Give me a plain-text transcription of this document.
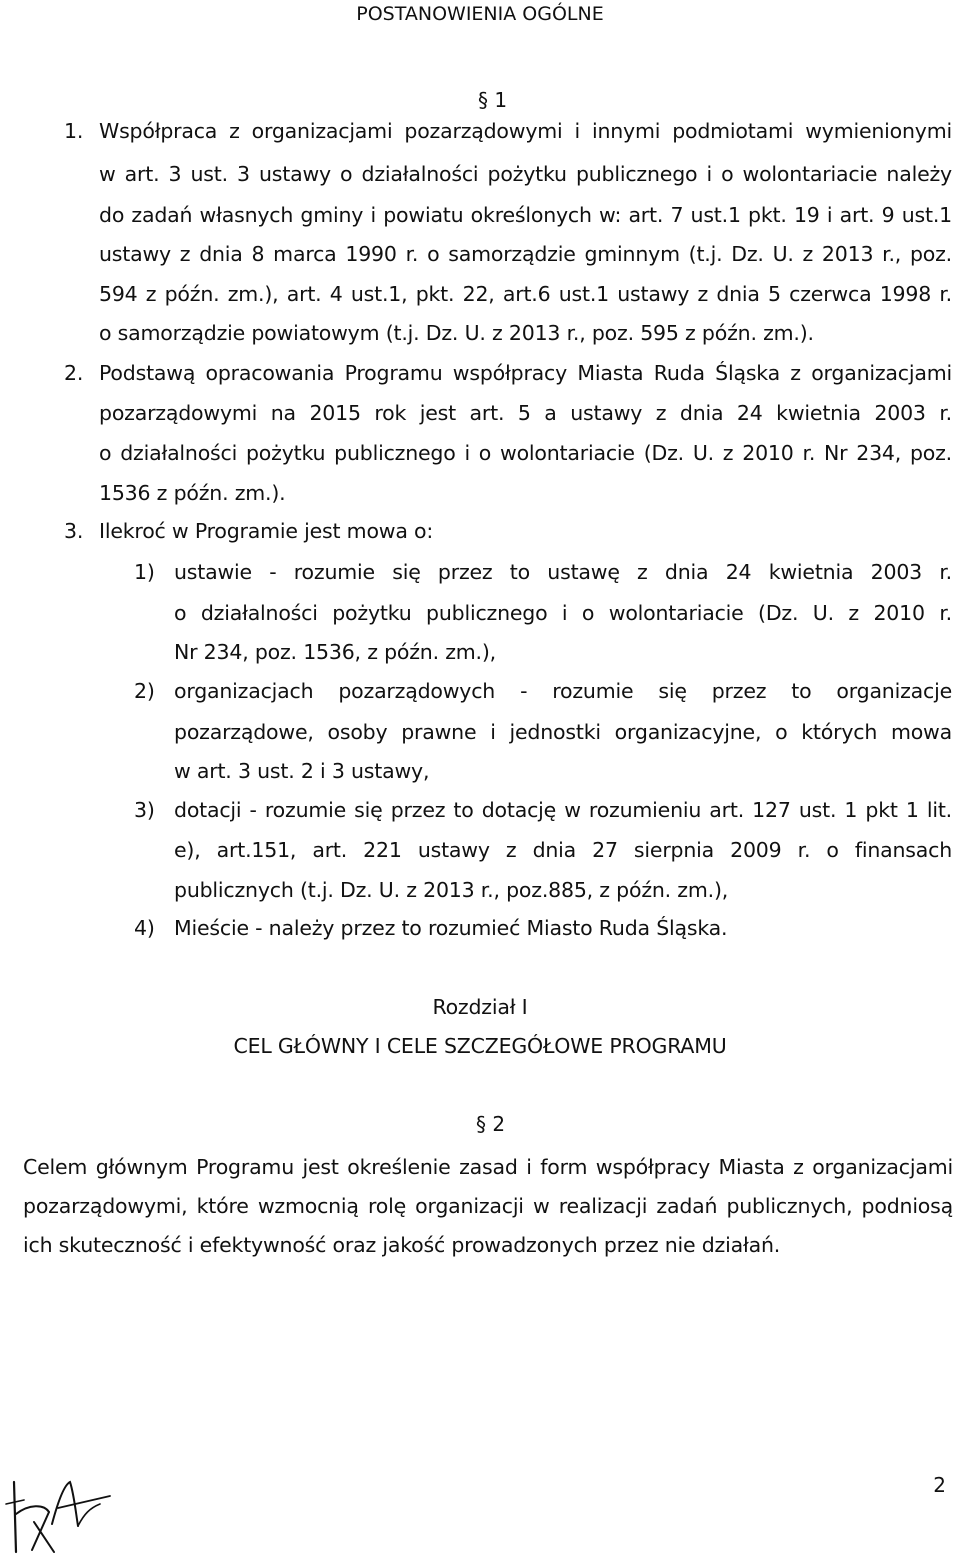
POSTANOWIENIA OGÓLNE
§ 1
1. Współpraca z organizacjami pozarządowymi i innymi podmiotami wymienionymi
w art. 3 ust. 3 ustawy o działalności pożytku publicznego i o wolontariacie należy
do zadań własnych gminy i powiatu określonych w: art. 7 ust.1 pkt. 19 i art. 9 ust.1
ustawy z dnia 8 marca 1990 r. o samorządzie gminnym (t.j. Dz. U. z 2013 r., poz.
594 z późn. zm.), art. 4 ust.1, pkt. 22, art.6 ust.1 ustawy z dnia 5 czerwca 1998 r.
o samorządzie powiatowym (t.j. Dz. U. z 2013 r., poz. 595 z późn. zm.).
2. Podstawą opracowania Programu współpracy Miasta Ruda Śląska z organizacjami
pozarządowymi na 2015 rok jest art. 5 a ustawy z dnia 24 kwietnia 2003 r.
o działalności pożytku publicznego i o wolontariacie (Dz. U. z 2010 r. Nr 234, poz.
1536 z późn. zm.).
3. Ilekroć w Programie jest mowa o:
1) ustawie - rozumie się przez to ustawę z dnia 24 kwietnia 2003 r.
o działalności pożytku publicznego i o wolontariacie (Dz. U. z 2010 r.
Nr 234, poz. 1536, z późn. zm.),
2) organizacjach pozarządowych - rozumie się przez to organizacje
pozarządowe, osoby prawne i jednostki organizacyjne, o których mowa
w art. 3 ust. 2 i 3 ustawy,
3) dotacji - rozumie się przez to dotację w rozumieniu art. 127 ust. 1 pkt 1 lit.
e), art.151, art. 221 ustawy z dnia 27 sierpnia 2009 r. o finansach
publicznych (t.j. Dz. U. z 2013 r., poz.885, z późn. zm.),
4) Mieście - należy przez to rozumieć Miasto Ruda Śląska.
Rozdział I
CEL GŁÓWNY I CELE SZCZEGÓŁOWE PROGRAMU
§ 2
Celem głównym Programu jest określenie zasad i form współpracy Miasta z organizacjami
pozarządowymi, które wzmocnią rolę organizacji w realizacji zadań publicznych, podniosą
ich skuteczność i efektywność oraz jakość prowadzonych przez nie działań.
2
